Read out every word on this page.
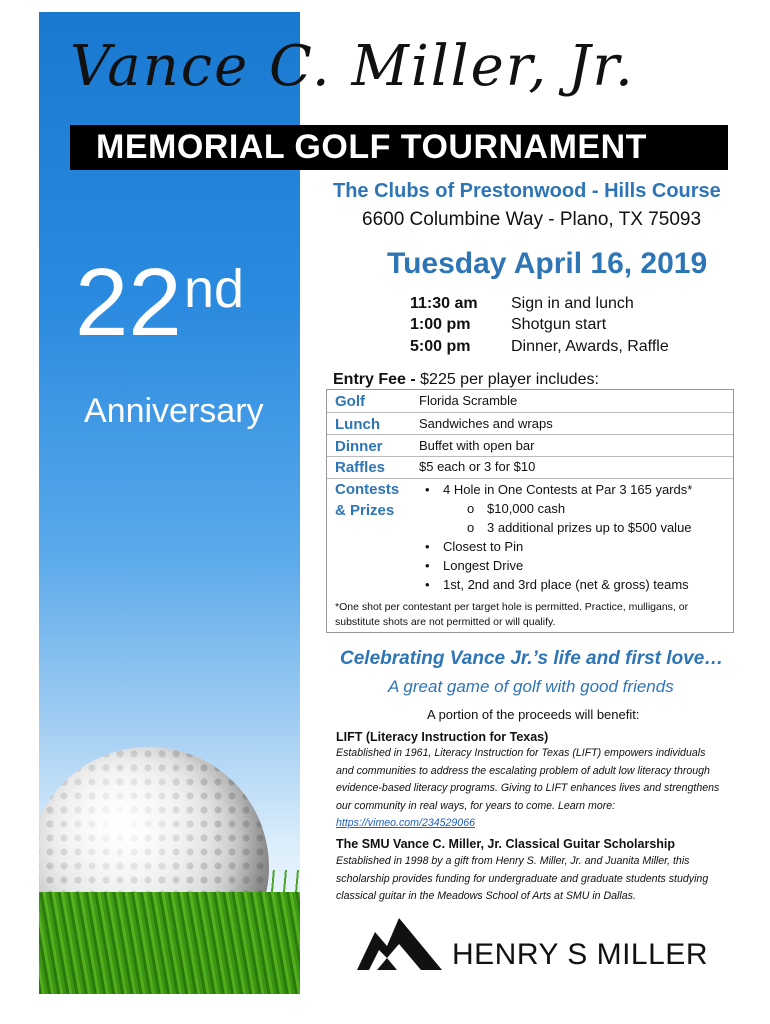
Vance C. Miller, Jr.
MEMORIAL GOLF TOURNAMENT
22 nd
Anniversary
The Clubs of Prestonwood - Hills Course
6600 Columbine Way - Plano, TX 75093
Tuesday April 16, 2019
11:30 am Sign in and lunch
1:00 pm	Shotgun start
5:00 pm	Dinner, Awards, Raffle
Entry Fee - $225 per player includes:
Golf	Florida Scramble
Lunch	Sandwiches and wraps
Dinner	Buffet with open bar
Raffles	$5 each or 3 for $10
Contests
& Prizes
• 4 Hole in One Contests at Par 3 165 yards*
o $10,000 cash
o 3 additional prizes up to $500 value
• Closest to Pin
• Longest Drive
• 1st, 2nd and 3rd place (net & gross) teams
*One shot per contestant per target hole is permitted. Practice, mulligans, or substitute shots are not permitted or will qualify.
Celebrating Vance Jr.’s life and first love…
A great game of golf with good friends
A portion of the proceeds will benefit:
LIFT (Literacy Instruction for Texas)
Established in 1961, Literacy Instruction for Texas (LIFT) empowers individuals and communities to address the escalating problem of adult low literacy through evidence-based literacy programs. Giving to LIFT enhances lives and strengthens our community in real ways, for years to come. Learn more:
https://vimeo.com/234529066
The SMU Vance C. Miller, Jr. Classical Guitar Scholarship
Established in 1998 by a gift from Henry S. Miller, Jr. and Juanita Miller, this scholarship provides funding for undergraduate and graduate students studying classical guitar in the Meadows School of Arts at SMU in Dallas.
HENRY S MILLER
